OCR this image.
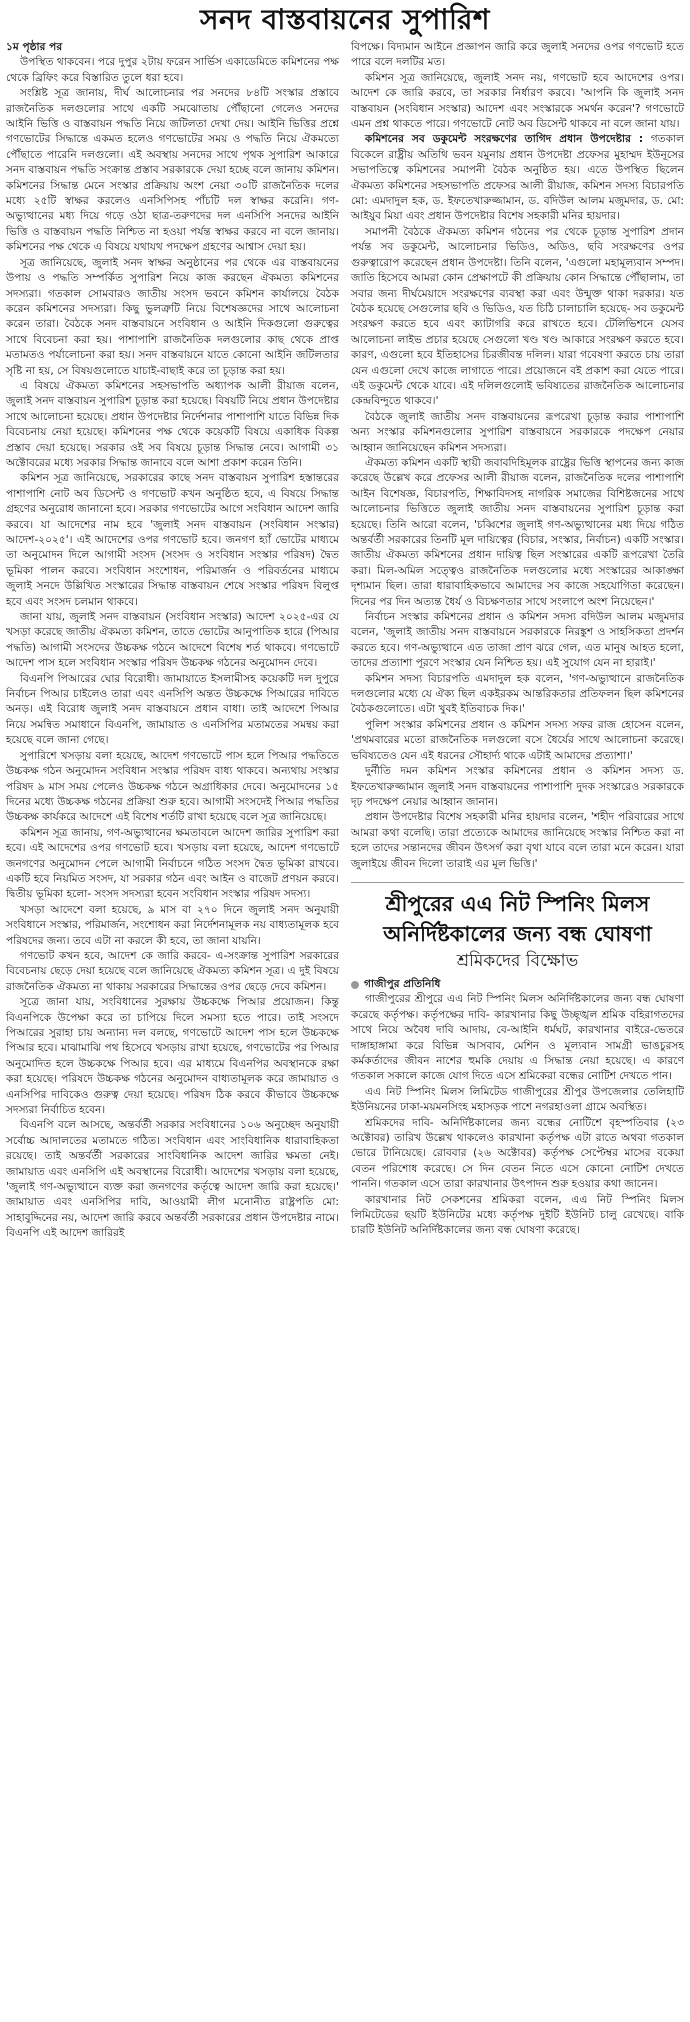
সনদ বাস্তবায়নের সুপারিশ

১ম পৃষ্ঠার পর

উপস্থিত থাকবেন। পরে দুপুর ২টায় ফরেন সার্ভিস একাডেমিতে কমিশনের পক্ষ থেকে ব্রিফিং করে বিস্তারিত তুলে ধরা হবে।

সংশ্লিষ্ট সূত্র জানায়, দীর্ঘ আলোচনার পর সনদের ৮৪টি সংস্কার প্রস্তাবে রাজনৈতিক দলগুলোর সাথে একটি সমঝোতায় পৌঁছানো গেলেও সনদের আইনি ভিত্তি ও বাস্তবায়ন পদ্ধতি নিয়ে জটিলতা দেখা দেয়। আইনি ভিত্তির প্রশ্নে গণভোটের সিদ্ধান্তে একমত হলেও গণভোটের সময় ও পদ্ধতি নিয়ে ঐকমত্যে পৌঁছাতে পারেনি দলগুলো। এই অবস্থায় সনদের সাথে পৃথক সুপারিশ আকারে সনদ বাস্তবায়ন পদ্ধতি সংক্রান্ত প্রস্তাব সরকারকে দেয়া হচ্ছে বলে জানায় কমিশন। কমিশনের সিদ্ধান্ত মেনে সংস্কার প্রক্রিয়ায় অংশ নেয়া ৩০টি রাজনৈতিক দলের মধ্যে ২৫টি স্বাক্ষর করলেও এনসিপিসহ পাঁচটি দল স্বাক্ষর করেনি। গণ-অভ্যুত্থানের মধ্য দিয়ে গড়ে ওঠা ছাত্র-তরুণদের দল এনসিপি সনদের আইনি ভিত্তি ও বাস্তবায়ন পদ্ধতি নিশ্চিত না হওয়া পর্যন্ত স্বাক্ষর করবে না বলে জানায়। কমিশনের পক্ষ থেকে এ বিষয়ে যথাযথ পদক্ষেপ গ্রহণের আশ্বাস দেয়া হয়।

সূত্র জানিয়েছে, জুলাই সনদ স্বাক্ষর অনুষ্ঠানের পর থেকে এর বাস্তবায়নের উপায় ও পদ্ধতি সম্পর্কিত সুপারিশ নিয়ে কাজ করছেন ঐকমত্য কমিশনের সদস্যরা। গতকাল সোমবারও জাতীয় সংসদ ভবনে কমিশন কার্যালয়ে বৈঠক করেন কমিশনের সদস্যরা। কিছু ভুলত্রুটি নিয়ে বিশেষজ্ঞদের সাথে আলোচনা করেন তারা। বৈঠকে সনদ বাস্তবায়নে সংবিধান ও আইনি দিকগুলো গুরুত্বের সাথে বিবেচনা করা হয়। পাশাপাশি রাজনৈতিক দলগুলোর কাছ থেকে প্রাপ্ত মতামতও পর্যালোচনা করা হয়। সনদ বাস্তবায়নে যাতে কোনো আইনি জটিলতার সৃষ্টি না হয়, সে বিষয়গুলোতে যাচাই-বাছাই করে তা চূড়ান্ত করা হয়।

এ বিষয়ে ঐকমত্য কমিশনের সহসভাপতি অধ্যাপক আলী রীয়াজ বলেন, জুলাই সনদ বাস্তবায়ন সুপারিশ চূড়ান্ত করা হয়েছে। বিষয়টি নিয়ে প্রধান উপদেষ্টার সাথে আলোচনা হয়েছে। প্রধান উপদেষ্টার নির্দেশনার পাশাপাশি যাতে বিভিন্ন দিক বিবেচনায় নেয়া হয়েছে। কমিশনের পক্ষ থেকে কয়েকটি বিষয়ে একাধিক বিকল্প প্রস্তাব দেয়া হয়েছে। সরকার ওই সব বিষয়ে চূড়ান্ত সিদ্ধান্ত নেবে। আগামী ৩১ অক্টোবরের মধ্যে সরকার সিদ্ধান্ত জানাবে বলে আশা প্রকাশ করেন তিনি।

কমিশন সূত্র জানিয়েছে, সরকারের কাছে সনদ বাস্তবায়ন সুপারিশ হস্তান্তরের পাশাপাশি নোট অব ডিসেন্ট ও গণভোট কখন অনুষ্ঠিত হবে, এ বিষয়ে সিদ্ধান্ত গ্রহণের অনুরোধ জানানো হবে। সরকার গণভোটের আগে সংবিধান আদেশ জারি করবে। যা আদেশের নাম হবে 'জুলাই সনদ বাস্তবায়ন (সংবিধান সংস্কার) আদেশ-২০২৫'। এই আদেশের ওপর গণভোট হবে। জনগণ হ্যাঁ ভোটের মাধ্যমে তা অনুমোদন দিলে আগামী সংসদ (সংসদ ও সংবিধান সংস্কার পরিষদ) দ্বৈত ভূমিকা পালন করবে। সংবিধান সংশোধন, পরিমার্জন ও পরিবর্তনের মাধ্যমে জুলাই সনদে উল্লিখিত সংস্কারের সিদ্ধান্ত বাস্তবায়ন শেষে সংস্কার পরিষদ বিলুপ্ত হবে এবং সংসদ চলমান থাকবে।

জানা যায়, জুলাই সনদ বাস্তবায়ন (সংবিধান সংস্কার) আদেশ ২০২৫-এর যে খসড়া করেছে জাতীয় ঐকমত্য কমিশন, তাতে ভোটের আনুপাতিক হারে (পিআর পদ্ধতি) আগামী সংসদের উচ্চকক্ষ গঠনে আদেশে বিশেষ শর্ত থাকবে। গণভোটে আদেশ পাস হলে সংবিধান সংস্কার পরিষদ উচ্চকক্ষ গঠনের অনুমোদন দেবে।

বিএনপি পিআরের ঘোর বিরোধী। জামায়াতে ইসলামীসহ কয়েকটি দল দুপুরে নির্বাচন পিআর চাইলেও তারা এবং এনসিপি অন্তত উচ্চকক্ষে পিআরের দাবিতে অনড়। এই বিরোধ জুলাই সনদ বাস্তবায়নে প্রধান বাধা। তাই আদেশে পিআর নিয়ে সমন্বিত সমাধানে বিএনপি, জামায়াত ও এনসিপির মতামতের সমন্বয় করা হয়েছে বলে জানা গেছে।

সুপারিশে খসড়ায় বলা হয়েছে, আদেশ গণভোটে পাস হলে পিআর পদ্ধতিতে উচ্চকক্ষ গঠন অনুমোদন সংবিধান সংস্কার পরিষদ বাধ্য থাকবে। অন্যথায় সংস্কার পরিষদ ৯ মাস সময় পেলেও উচ্চকক্ষ গঠনে অগ্রাধিকার দেবে। অনুমোদনের ১৫ দিনের মধ্যে উচ্চকক্ষ গঠনের প্রক্রিয়া শুরু হবে। আগামী সংসদেই পিআর পদ্ধতির উচ্চকক্ষ কার্যকরে আদেশে এই বিশেষ শর্তটি রাখা হয়েছে বলে সূত্র জানিয়েছে।

কমিশন সূত্র জানায়, গণ-অভ্যুত্থানের ক্ষমতাবলে আদেশ জারির সুপারিশ করা হবে। এই আদেশের ওপর গণভোট হবে। খসড়ায় বলা হয়েছে, আদেশ গণভোটে জনগণের অনুমোদন পেলে আগামী নির্বাচনে গঠিত সংসদ দ্বৈত ভূমিকা রাখবে। একটি হবে নিয়মিত সংসদ, যা সরকার গঠন এবং আইন ও বাজেট প্রণয়ন করবে। দ্বিতীয় ভূমিকা হলো- সংসদ সদস্যরা হবেন সংবিধান সংস্কার পরিষদ সদস্য।

খসড়া আদেশে বলা হয়েছে, ৯ মাস বা ২৭০ দিনে জুলাই সনদ অনুযায়ী সংবিধানে সংস্কার, পরিমার্জন, সংশোধন করা নির্দেশনামূলক নয় বাধ্যতামূলক হবে পরিষদের জন্য। তবে এটা না করলে কী হবে, তা জানা যায়নি।

গণভোট কখন হবে, আদেশ কে জারি করবে- এ-সংক্রান্ত সুপারিশ সরকারের বিবেচনায় ছেড়ে দেয়া হয়েছে বলে জানিয়েছে ঐকমত্য কমিশন সূত্র। এ দুই বিষয়ে রাজনৈতিক ঐকমত্য না থাকায় সরকারের সিদ্ধান্তের ওপর ছেড়ে দেবে কমিশন।

সূত্রে জানা যায়, সংবিধানের সুরক্ষায় উচ্চকক্ষে পিআর প্রয়োজন। কিন্তু বিএনপিকে উপেক্ষা করে তা চাপিয়ে দিলে সমস্যা হতে পারে। তাই সংসদে পিআরের সুরাহা চায় অন্যান্য দল বলছে, গণভোটে আদেশ পাস হলে উচ্চকক্ষে পিআর হবে। মাঝামাঝি পথ হিসেবে খসড়ায় রাখা হয়েছে, গণভোটের পর পিআর অনুমোদিত হলে উচ্চকক্ষে পিআর হবে। এর মাধ্যমে বিএনপির অবস্থানকে রক্ষা করা হয়েছে। পরিষদে উচ্চকক্ষ গঠনের অনুমোদন বাধ্যতামূলক করে জামায়াত ও এনসিপির দাবিকেও গুরুত্ব দেয়া হয়েছে। পরিষদ ঠিক করবে কীভাবে উচ্চকক্ষে সদস্যরা নির্বাচিত হবেন।

বিএনপি বলে আসছে, অন্তর্বর্তী সরকার সংবিধানের ১০৬ অনুচ্ছেদ অনুযায়ী সর্বোচ্চ আদালতের মতামতে গঠিত। সংবিধান এবং সাংবিধানিক ধারাবাহিকতা রয়েছে। তাই অন্তর্বর্তী সরকারের সাংবিধানিক আদেশ জারির ক্ষমতা নেই। জামায়াত এবং এনসিপি এই অবস্থানের বিরোধী। আদেশের খসড়ায় বলা হয়েছে, 'জুলাই গণ-অভ্যুত্থানে ব্যক্ত করা জনগণের কর্তৃত্বে আদেশ জারি করা হয়েছে।' জামায়াত এবং এনসিপির দাবি, আওয়ামী লীগ মনোনীত রাষ্ট্রপতি মো: সাহাবুদ্দিনের নয়, আদেশ জারি করবে অন্তর্বর্তী সরকারের প্রধান উপদেষ্টার নামে। বিএনপি এই আদেশ জারিরই

বিপক্ষে। বিদ্যমান আইনে প্রজ্ঞাপন জারি করে জুলাই সনদের ওপর গণভোট হতে পারে বলে দলটির মত।

কমিশন সূত্র জানিয়েছে, জুলাই সনদ নয়, গণভোট হবে আদেশের ওপর। আদেশ কে জারি করবে, তা সরকার নির্ধারণ করবে। 'আপনি কি জুলাই সনদ বাস্তবায়ন (সংবিধান সংস্কার) আদেশ এবং সংস্কারকে সমর্থন করেন'? গণভোটে এমন প্রশ্ন থাকতে পারে। গণভোটে নোট অব ডিসেন্ট থাকবে না বলে জানা যায়।

কমিশনের সব ডকুমেন্ট সংরক্ষণের তাগিদ প্রধান উপদেষ্টার : গতকাল বিকেলে রাষ্ট্রীয় অতিথি ভবন যমুনায় প্রধান উপদেষ্টা প্রফেসর মুহাম্মদ ইউনূসের সভাপতিত্বে কমিশনের সমাপনী বৈঠক অনুষ্ঠিত হয়। এতে উপস্থিত ছিলেন ঐকমত্য কমিশনের সহসভাপতি প্রফেসর আলী রীয়াজ, কমিশন সদস্য বিচারপতি মো: এমদাদুল হক, ড. ইফতেখারুজ্জামান, ড. বদিউল আলম মজুমদার, ড. মো: আইয়ুব মিয়া এবং প্রধান উপদেষ্টার বিশেষ সহকারী মনির হায়দার।

সমাপনী বৈঠকে ঐকমত্য কমিশন গঠনের পর থেকে চূড়ান্ত সুপারিশ প্রদান পর্যন্ত সব ডকুমেন্ট, আলোচনার ভিডিও, অডিও, ছবি সংরক্ষণের ওপর গুরুত্বারোপ করেছেন প্রধান উপদেষ্টা। তিনি বলেন, 'এগুলো মহামূল্যবান সম্পদ। জাতি হিসেবে আমরা কোন প্রেক্ষাপটে কী প্রক্রিয়ায় কোন সিদ্ধান্তে পৌঁছালাম, তা সবার জন্য দীর্ঘমেয়াদে সংরক্ষণের ব্যবস্থা করা এবং উন্মুক্ত থাকা দরকার। যত বৈঠক হয়েছে সেগুলোর ছবি ও ভিডিও, যত চিঠি চালাচালি হয়েছে- সব ডকুমেন্ট সংরক্ষণ করতে হবে এবং ক্যাটাগরি করে রাখতে হবে। টেলিভিশনে যেসব আলোচনা লাইভ প্রচার হয়েছে সেগুলো খণ্ড খণ্ড আকারে সংরক্ষণ করতে হবে। কারণ, এগুলো হবে ইতিহাসের চিরজীবন্ত দলিল। যারা গবেষণা করতে চায় তারা যেন এগুলো দেখে কাজে লাগাতে পারে। প্রয়োজনে বই প্রকাশ করা যেতে পারে। এই ডকুমেন্ট থেকে যাবে। এই দলিলগুলোই ভবিষ্যতের রাজনৈতিক আলোচনার কেন্দ্রবিন্দুতে থাকবে।'

বৈঠকে জুলাই জাতীয় সনদ বাস্তবায়নের রূপরেখা চূড়ান্ত করার পাশাপাশি অন্য সংস্কার কমিশনগুলোর সুপারিশ বাস্তবায়নে সরকারকে পদক্ষেপ নেয়ার আহ্বান জানিয়েছেন কমিশন সদস্যরা।

ঐকমত্য কমিশন একটি স্থায়ী জবাবদিহিমূলক রাষ্ট্রের ভিত্তি স্থাপনের জন্য কাজ করেছে উল্লেখ করে প্রফেসর আলী রীয়াজ বলেন, রাজনৈতিক দলের পাশাপাশি আইন বিশেষজ্ঞ, বিচারপতি, শিক্ষাবিদসহ নাগরিক সমাজের বিশিষ্টজনের সাথে আলোচনার ভিত্তিতে জুলাই জাতীয় সনদ বাস্তবায়নের সুপারিশ চূড়ান্ত করা হয়েছে। তিনি আরো বলেন, 'চব্বিশের জুলাই গণ-অভ্যুত্থানের মধ্য দিয়ে গঠিত অন্তর্বর্তী সরকারের তিনটি মূল দায়িত্বের (বিচার, সংস্কার, নির্বাচন) একটি সংস্কার। জাতীয় ঐকমত্য কমিশনের প্রধান দায়িত্ব ছিল সংস্কারের একটি রূপরেখা তৈরি করা। মিল-অমিল সত্ত্বেও রাজনৈতিক দলগুলোর মধ্যে সংস্কারের আকাঙ্ক্ষা দৃশ্যমান ছিল। তারা ধারাবাহিকভাবে আমাদের সব কাজে সহযোগিতা করেছেন। দিনের পর দিন অত্যন্ত ধৈর্য ও বিচক্ষণতার সাথে সংলাপে অংশ নিয়েছেন।'

নির্বাচন সংস্কার কমিশনের প্রধান ও কমিশন সদস্য বদিউল আলম মজুমদার বলেন, 'জুলাই জাতীয় সনদ বাস্তবায়নে সরকারকে নিরঙ্কুশ ও সাহসিকতা প্রদর্শন করতে হবে। গণ-অভ্যুত্থানে এত তাজা প্রাণ ঝরে গেল, এত মানুষ আহত হলো, তাদের প্রত্যাশা পূরণে সংস্কার যেন নিশ্চিত হয়। এই সুযোগ যেন না হারাই।'

কমিশন সদস্য বিচারপতি এমদাদুল হক বলেন, 'গণ-অভ্যুত্থানে রাজনৈতিক দলগুলোর মধ্যে যে ঐক্য ছিল একইরকম আন্তরিকতার প্রতিফলন ছিল কমিশনের বৈঠকগুলোতে। এটা খুবই ইতিবাচক দিক।'

পুলিশ সংস্কার কমিশনের প্রধান ও কমিশন সদস্য সফর রাজ হোসেন বলেন, 'প্রথমবারের মতো রাজনৈতিক দলগুলো বসে ধৈর্যের সাথে আলোচনা করেছে। ভবিষ্যতেও যেন এই ধরনের সৌহার্দ্য থাকে এটাই আমাদের প্রত্যাশা।'

দুর্নীতি দমন কমিশন সংস্কার কমিশনের প্রধান ও কমিশন সদস্য ড. ইফতেখারুজ্জামান জুলাই সনদ বাস্তবায়নের পাশাপাশি দুদক সংস্কারেও সরকারকে দৃঢ় পদক্ষেপ নেয়ার আহ্বান জানান।

প্রধান উপদেষ্টার বিশেষ সহকারী মনির হায়দার বলেন, 'শহীদ পরিবারের সাথে আমরা কথা বলেছি। তারা প্রত্যেকে আমাদের জানিয়েছে সংস্কার নিশ্চিত করা না হলে তাদের সন্তানদের জীবন উৎসর্গ করা বৃথা যাবে বলে তারা মনে করেন। যারা জুলাইয়ে জীবন দিলো তারাই এর মূল ভিত্তি।'

শ্রীপুরের এএ নিট স্পিনিং মিলস
অনির্দিষ্টকালের জন্য বন্ধ ঘোষণা
শ্রমিকদের বিক্ষোভ
গাজীপুর প্রতিনিধি

গাজীপুরের শ্রীপুরে এএ নিট স্পিনিং মিলস অনির্দিষ্টকালের জন্য বন্ধ ঘোষণা করেছে কর্তৃপক্ষ। কর্তৃপক্ষের দাবি- কারখানার কিছু উচ্ছৃঙ্খল শ্রমিক বহিরাগতদের সাথে নিয়ে অবৈধ দাবি আদায়, বে-আইনি ধর্মঘট, কারখানার বাইরে-ভেতরে দাঙ্গাহাঙ্গামা করে বিভিন্ন আসবাব, মেশিন ও মূল্যবান সামগ্রী ভাঙচুরসহ কর্মকর্তাদের জীবন নাশের হুমকি দেয়ায় এ সিদ্ধান্ত নেয়া হয়েছে। এ কারণে গতকাল সকালে কাজে যোগ দিতে এসে শ্রমিকেরা বন্ধের নোটিশ দেখতে পান।

এএ নিট স্পিনিং মিলস লিমিটেড গাজীপুরের শ্রীপুর উপজেলার তেলিহাটি ইউনিয়নের ঢাকা-ময়মনসিংহ মহাসড়ক পাশে নগরহাওলা গ্রামে অবস্থিত।

শ্রমিকদের দাবি- অনির্দিষ্টকালের জন্য বন্ধের নোটিশে বৃহস্পতিবার (২৩ অক্টোবর) তারিখ উল্লেখ থাকলেও কারখানা কর্তৃপক্ষ এটা রাতে অথবা গতকাল ভোরে টানিয়েছে। রোববার (২৬ অক্টোবর) কর্তৃপক্ষ সেপ্টেম্বর মাসের বকেয়া বেতন পরিশোধ করেছে। সে দিন বেতন নিতে এসে কোনো নোটিশ দেখতে পাননি। গতকাল এসে তারা কারখানার উৎপাদন শুরু হওয়ার কথা জানেন।

কারখানার নিট সেকশনের শ্রমিকরা বলেন, এএ নিট স্পিনিং মিলস লিমিটেডের ছয়টি ইউনিটের মধ্যে কর্তৃপক্ষ দুইটি ইউনিট চালু রেখেছে। বাকি চারটি ইউনিট অনির্দিষ্টকালের জন্য বন্ধ ঘোষণা করেছে।
